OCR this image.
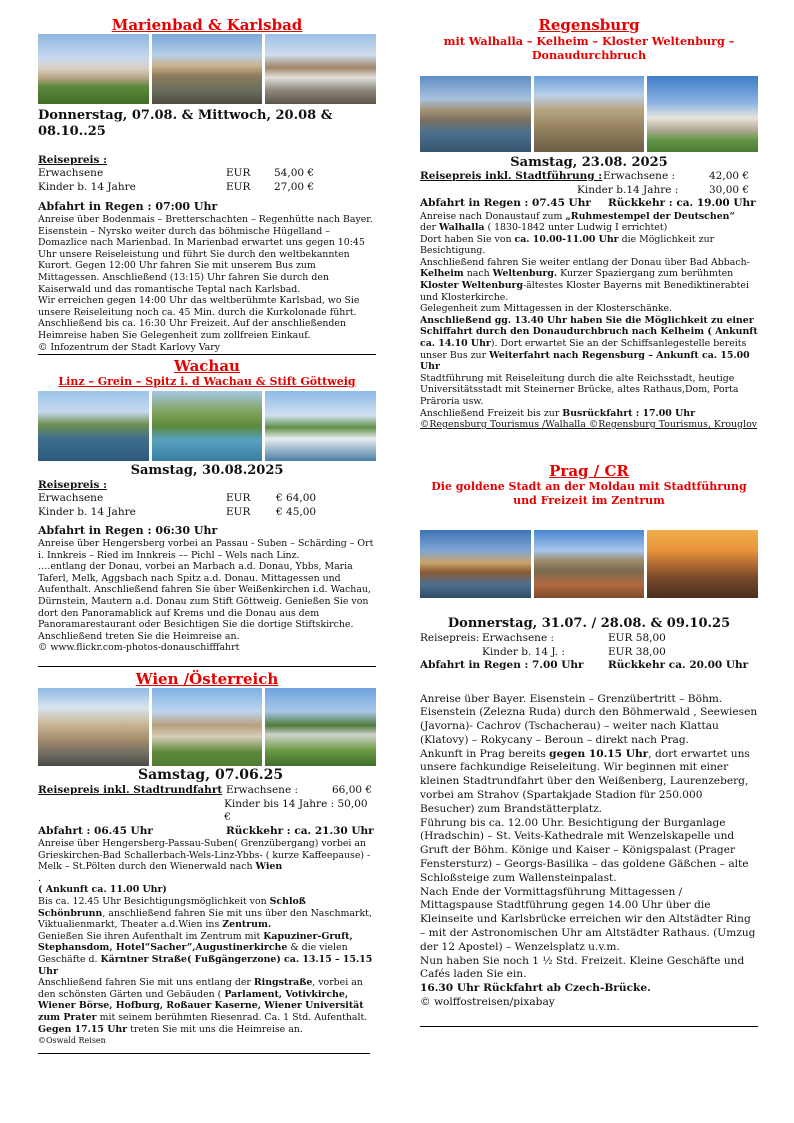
Marienbad & Karlsbad
Donnerstag, 07.08. & Mittwoch, 20.08 & 08.10..25
Reisepreis :
Erwachsene	EUR	54,00 €
Kinder b. 14 Jahre	EUR	27,00 €
Abfahrt in Regen : 07:00 Uhr

Anreise über Bodenmais – Bretterschachten – Regenhütte nach Bayer. Eisenstein – Nyrsko weiter durch das böhmische Hügelland – Domazlice nach Marienbad. In Marienbad erwartet uns gegen 10:45 Uhr unsere Reiseleistung und führt Sie durch den weltbekannten Kurort. Gegen 12:00 Uhr fahren Sie mit unserem Bus zum Mittagessen. Anschließend (13:15) Uhr fahren Sie durch den Kaiserwald und das romantische Teptal nach Karlsbad.

Wir erreichen gegen 14:00 Uhr das weltberühmte Karlsbad, wo Sie unsere Reiseleitung noch ca. 45 Min. durch die Kurkolonade führt. Anschließend bis ca. 16:30 Uhr Freizeit. Auf der anschließenden Heimreise haben Sie Gelegenheit zum zollfreien Einkauf.

© Infozentrum der Stadt Karlovy Vary

Wachau
Linz – Grein – Spitz i. d Wachau & Stift Göttweig
Samstag, 30.08.2025
Reisepreis :
Erwachsene	EUR	€ 64,00
Kinder b. 14 Jahre	EUR	€ 45,00
Abfahrt in Regen : 06:30 Uhr

Anreise über Hengersberg vorbei an Passau - Suben – Schärding – Ort i. Innkreis – Ried im Innkreis –– Pichl – Wels nach Linz.

….entlang der Donau, vorbei an Marbach a.d. Donau, Ybbs, Maria Taferl, Melk, Aggsbach nach Spitz a.d. Donau. Mittagessen und Aufenthalt. Anschließend fahren Sie über Weißenkirchen i.d. Wachau, Dürnstein, Mautern a.d. Donau zum Stift Göttweig. Genießen Sie von dort den Panoramablick auf Krems und die Donau aus dem Panoramarestaurant oder Besichtigen Sie die dortige Stiftskirche.

Anschließend treten Sie die Heimreise an.

© www.flickr.com-photos-donauschifffahrt

Wien /Österreich
Samstag, 07.06.25
Reisepreis inkl. Stadtrundfahrt Erwachsene :	66,00 €
Kinder bis 14 Jahre : 50,00 €
Abfahrt : 06.45 Uhr	Rückkehr : ca. 21.30 Uhr

Anreise über Hengersberg-Passau-Suben( Grenzübergang) vorbei an Grieskirchen-Bad Schallerbach-Wels-Linz-Ybbs- ( kurze Kaffeepause) -Melk – St.Pölten durch den Wienerwald nach Wien
.

( Ankunft ca. 11.00 Uhr)

Bis ca. 12.45 Uhr Besichtigungsmöglichkeit von Schloß Schönbrunn, anschließend fahren Sie mit uns über den Naschmarkt, Viktualienmarkt, Theater a.d.Wien ins Zentrum.

Genießen Sie ihren Aufenthalt im Zentrum mit Kapuziner-Gruft, Stephansdom, Hotel“Sacher”,Augustinerkirche & die vielen Geschäfte d. Kärntner Straße( Fußgängerzone) ca. 13.15 – 15.15 Uhr

Anschließend fahren Sie mit uns entlang der Ringstraße, vorbei an den schönsten Gärten und Gebäuden ( Parlament, Votivkirche, Wiener Börse, Hofburg, Roßauer Kaserne, Wiener Universität zum Prater mit seinem berühmten Riesenrad. Ca. 1 Std. Aufenthalt.

Gegen 17.15 Uhr treten Sie mit uns die Heimreise an.

©Oswald Reisen

Regensburg
mit Walhalla – Kelheim – Kloster Weltenburg – Donaudurchbruch
Samstag, 23.08. 2025
Reisepreis inkl. Stadtführung : Erwachsene :	42,00 €
Kinder b.14 Jahre :	30,00 €
Abfahrt in Regen : 07.45 Uhr	Rückkehr : ca. 19.00 Uhr

Anreise nach Donaustauf zum „Ruhmestempel der Deutschen“

der Walhalla ( 1830-1842 unter Ludwig I errichtet)

Dort haben Sie von ca. 10.00-11.00 Uhr die Möglichkeit zur Besichtigung.

Anschließend fahren Sie weiter entlang der Donau über Bad Abbach- Kelheim nach Weltenburg. Kurzer Spaziergang zum berühmten Kloster Weltenburg-ältestes Kloster Bayerns mit Benediktinerabtei und Klosterkirche.

Gelegenheit zum Mittagessen in der Klosterschänke.

Anschließend gg. 13.40 Uhr haben Sie die Möglichkeit zu einer Schiffahrt durch den Donaudurchbruch nach Kelheim ( Ankunft ca. 14.10 Uhr). Dort erwartet Sie an der Schiffsanlegestelle bereits unser Bus zur Weiterfahrt nach Regensburg – Ankunft ca. 15.00 Uhr

Stadtführung mit Reiseleitung durch die alte Reichsstadt, heutige Universitätsstadt mit Steinerner Brücke, altes Rathaus,Dom, Porta Präroria usw.

Anschließend Freizeit bis zur Busrückfahrt : 17.00 Uhr

©Regensburg Tourismus /Walhalla ©Regensburg Tourismus, Krouglov

Prag / CR
Die goldene Stadt an der Moldau mit Stadtführung und Freizeit im Zentrum
Donnerstag, 31.07. / 28.08. & 09.10.25
Reisepreis: Erwachsene :	EUR 58,00
Kinder b. 14 J. :	EUR 38,00
Abfahrt in Regen : 7.00 Uhr	Rückkehr ca. 20.00 Uhr

Anreise über Bayer. Eisenstein – Grenzübertritt – Böhm. Eisenstein (Zelezna Ruda) durch den Böhmerwald , Seewiesen (Javorna)- Cachrov (Tschacherau) – weiter nach Klattau (Klatovy) – Rokycany – Beroun – direkt nach Prag.

Ankunft in Prag bereits gegen 10.15 Uhr, dort erwartet uns unsere fachkundige Reiseleitung. Wir beginnen mit einer kleinen Stadtrundfahrt über den Weißenberg, Laurenzeberg, vorbei am Strahov (Spartakjade Stadion für 250.000 Besucher) zum Brandstätterplatz.

Führung bis ca. 12.00 Uhr. Besichtigung der Burganlage (Hradschin) – St. Veits-Kathedrale mit Wenzelskapelle und Gruft der Böhm. Könige und Kaiser – Königspalast (Prager Fenstersturz) – Georgs-Basilika – das goldene Gäßchen – alte Schloßsteige zum Wallensteinpalast.

Nach Ende der Vormittagsführung Mittagessen / Mittagspause Stadtführung gegen 14.00 Uhr über die Kleinseite und Karlsbrücke erreichen wir den Altstädter Ring – mit der Astronomischen Uhr am Altstädter Rathaus. (Umzug der 12 Apostel) – Wenzelsplatz u.v.m.

Nun haben Sie noch 1 ½ Std. Freizeit. Kleine Geschäfte und Cafés laden Sie ein.

16.30 Uhr Rückfahrt ab Czech-Brücke.

© wolffostreisen/pixabay
